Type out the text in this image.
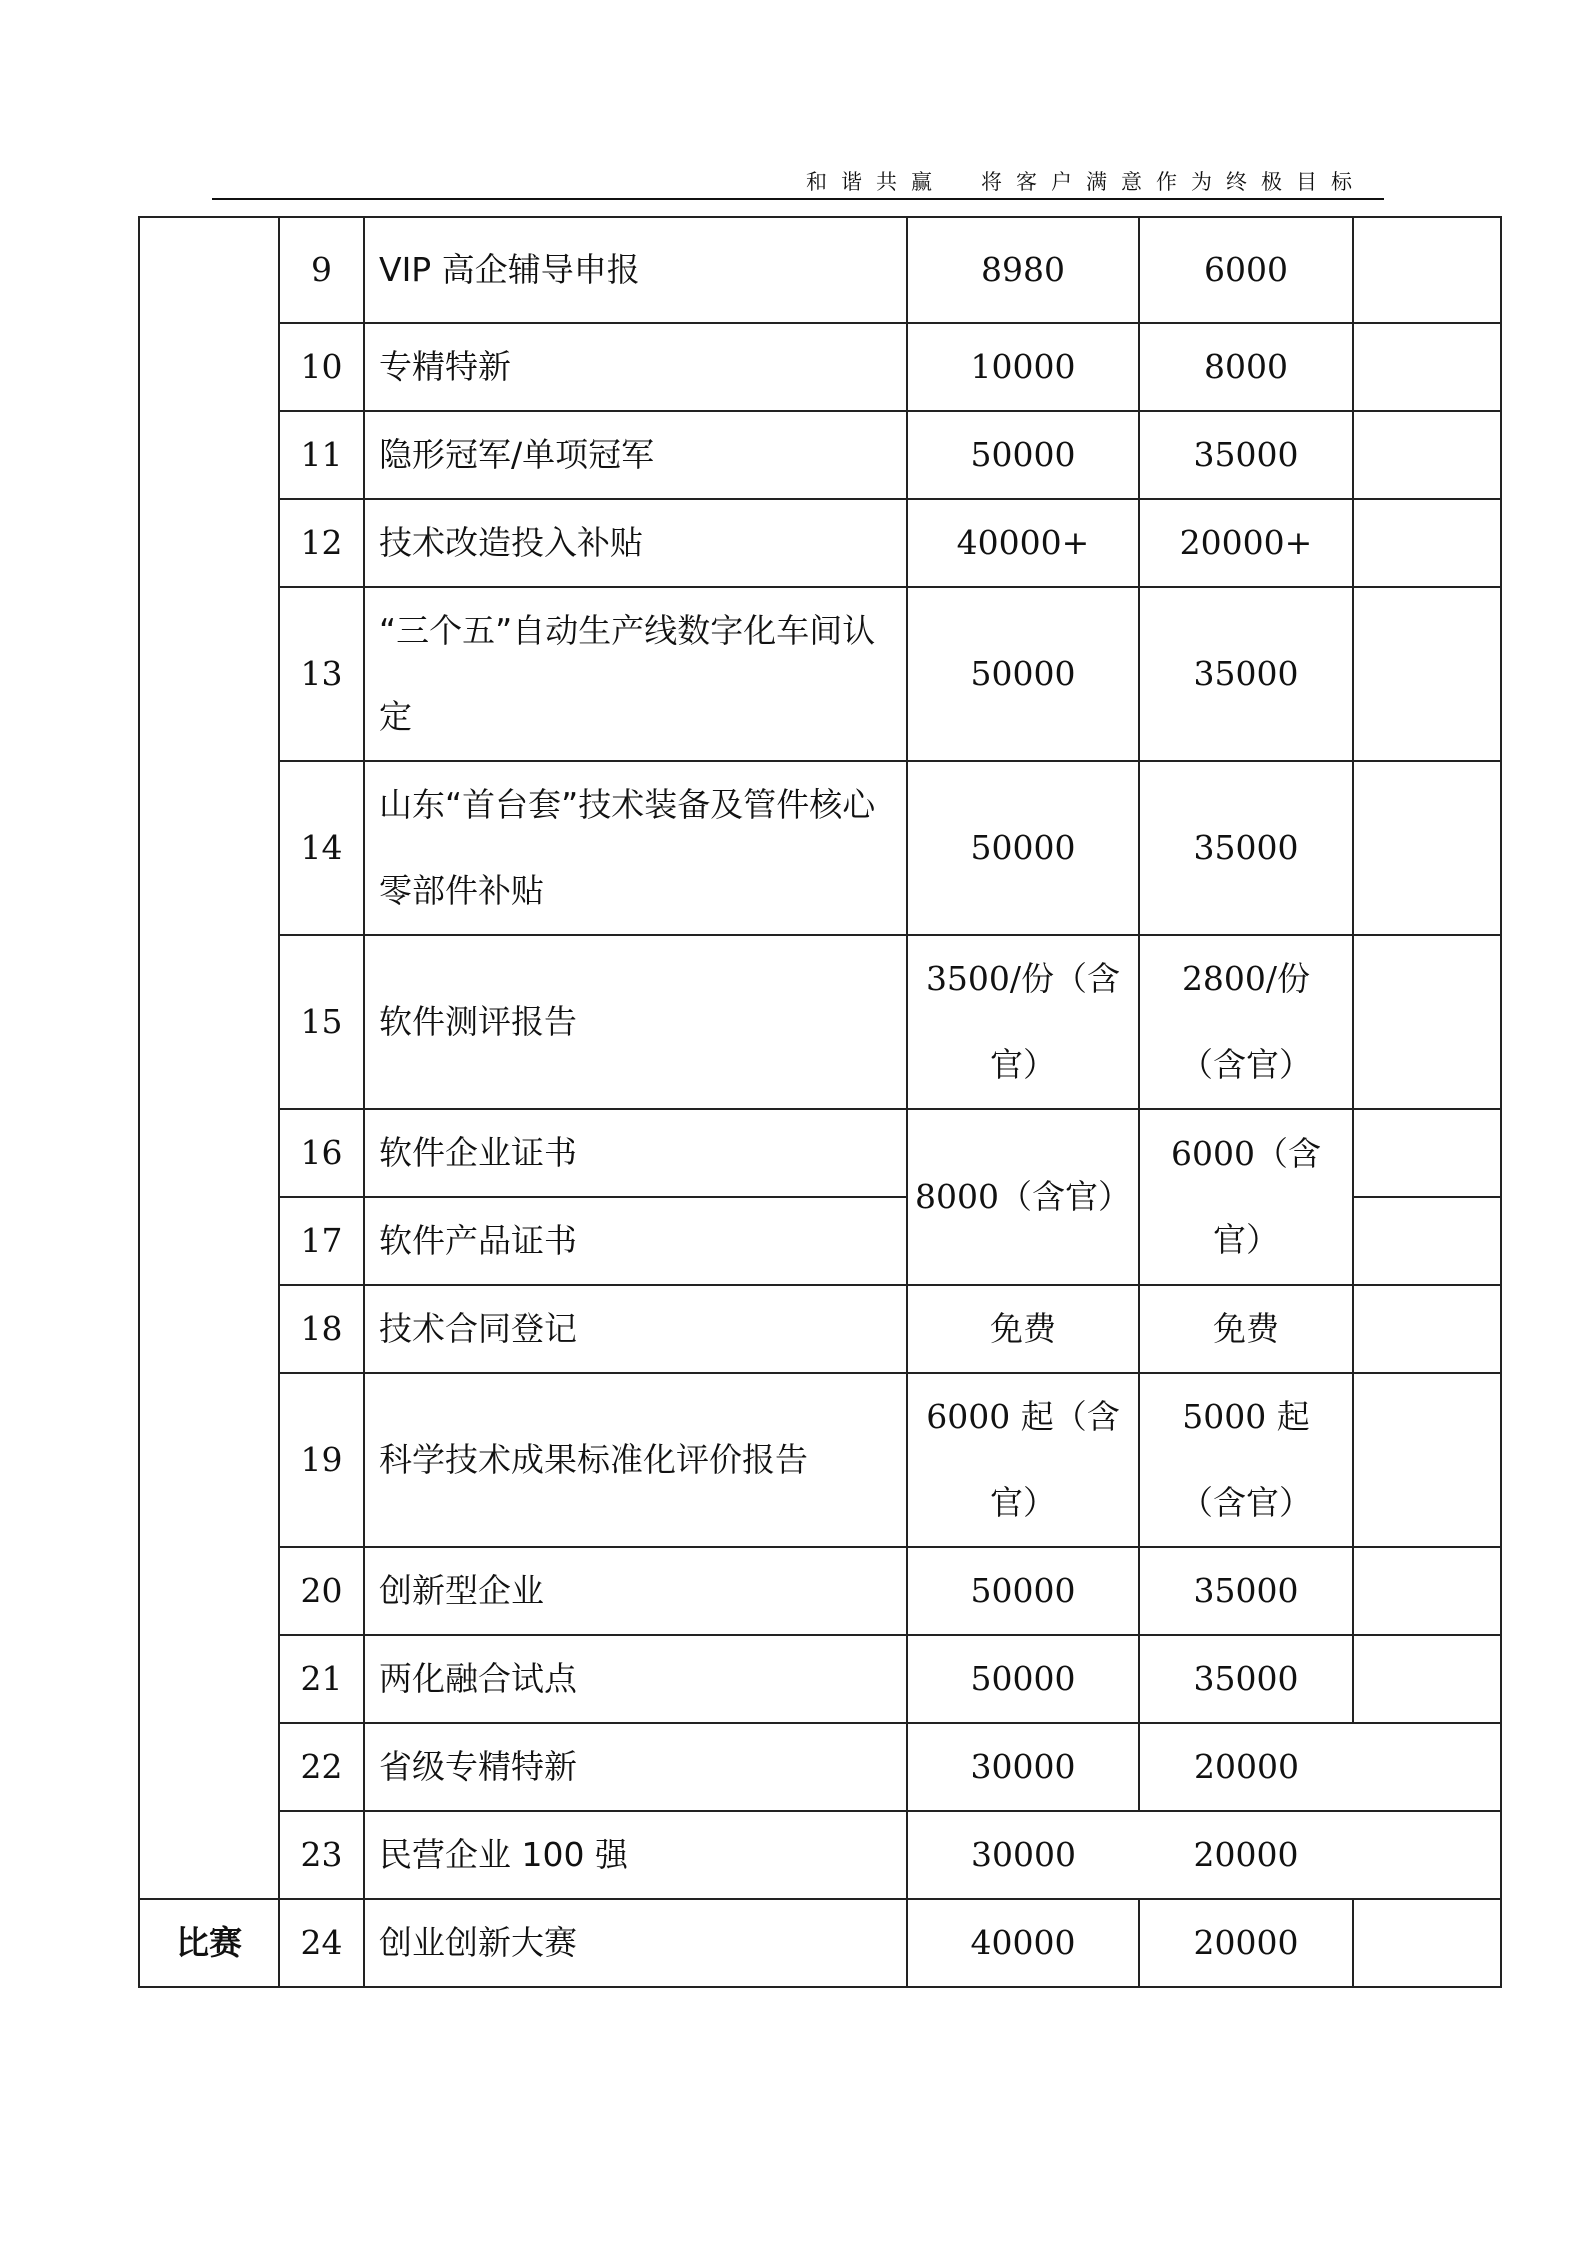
和谐共赢　将客户满意作为终极目标
	9	VIP 高企辅导申报	8980	6000	
	10	专精特新	10000	8000	
	11	隐形冠军/单项冠军	50000	35000	
	12	技术改造投入补贴	40000+	20000+	
	13	“三个五”自动生产线数字化车间认定	50000	35000	
	14	山东“首台套”技术装备及管件核心零部件补贴	50000	35000	
	15	软件测评报告	3500/份（含官）	2800/份（含官）	

	16	软件企业证书	8000（含官）	6000（含官）	

	17	软件产品证书			
	18	技术合同登记	免费	免费	
	19	科学技术成果标准化评价报告	6000 起（含官）	5000 起（含官）	

	20	创新型企业	50000	35000	
	21	两化融合试点	50000	35000	
	22	省级专精特新	30000	20000	
	23	民营企业 100 强	30000	20000	
比赛	24	创业创新大赛	40000	20000	
